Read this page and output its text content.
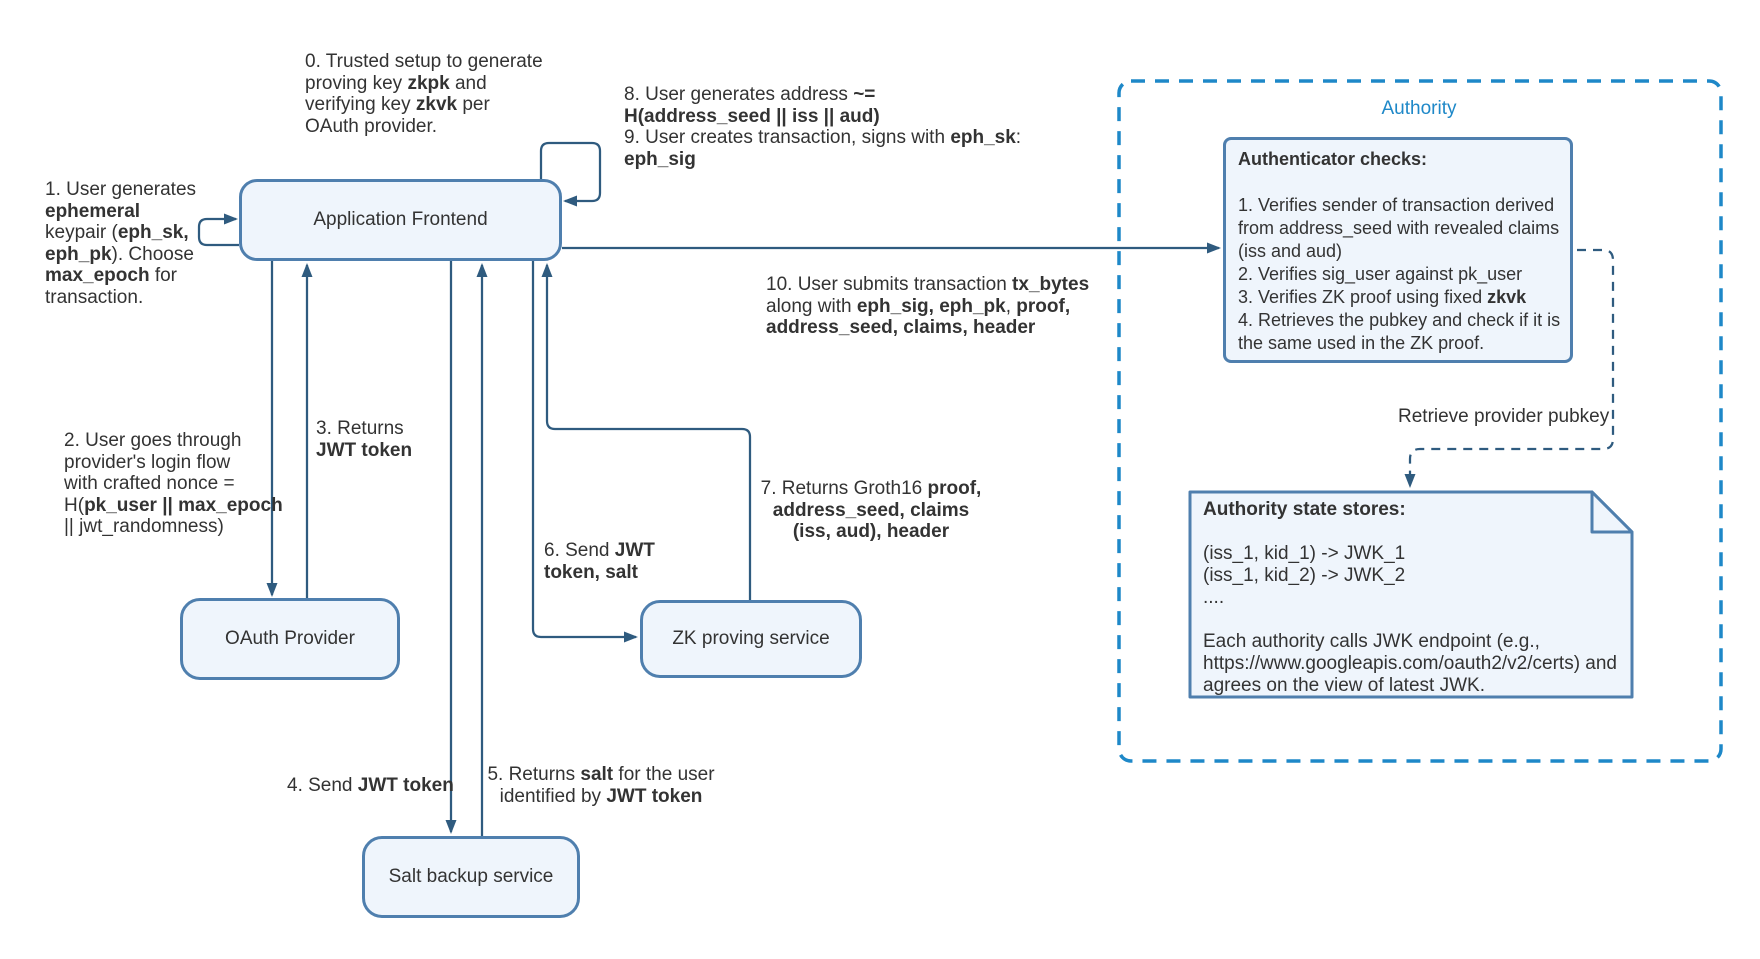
Application Frontend
OAuth Provider	ZK proving service
Salt backup service
Authenticator checks:

1. Verifies sender of transaction derived
from address_seed with revealed claims
(iss and aud)
2. Verifies sig_user against pk_user
3. Verifies ZK proof using fixed zkvk
4. Retrieves the pubkey and check if it is
the same used in the ZK proof.
Authority state stores:

(iss_1, kid_1) -> JWK_1
(iss_1, kid_2) -> JWK_2
....

Each authority calls JWK endpoint (e.g.,
https://www.googleapis.com/oauth2/v2/certs) and
agrees on the view of latest JWK.
Authority
Retrieve provider pubkey
0. Trusted setup to generate
proving key zkpk and
verifying key zkvk per
OAuth provider.
1. User generates
ephemeral
keypair (eph_sk,
eph_pk). Choose
max_epoch for
transaction.
2. User goes through
provider's login flow
with crafted nonce =
H(pk_user || max_epoch
|| jwt_randomness)
3. Returns
JWT token
4. Send JWT token
5. Returns salt for the user
identified by JWT token
6. Send JWT
token, salt
7. Returns Groth16 proof,
address_seed, claims
(iss, aud), header
8. User generates address ~=
H(address_seed || iss || aud)
9. User creates transaction, signs with eph_sk:
eph_sig
10. User submits transaction tx_bytes
along with eph_sig, eph_pk, proof,
address_seed, claims, header
